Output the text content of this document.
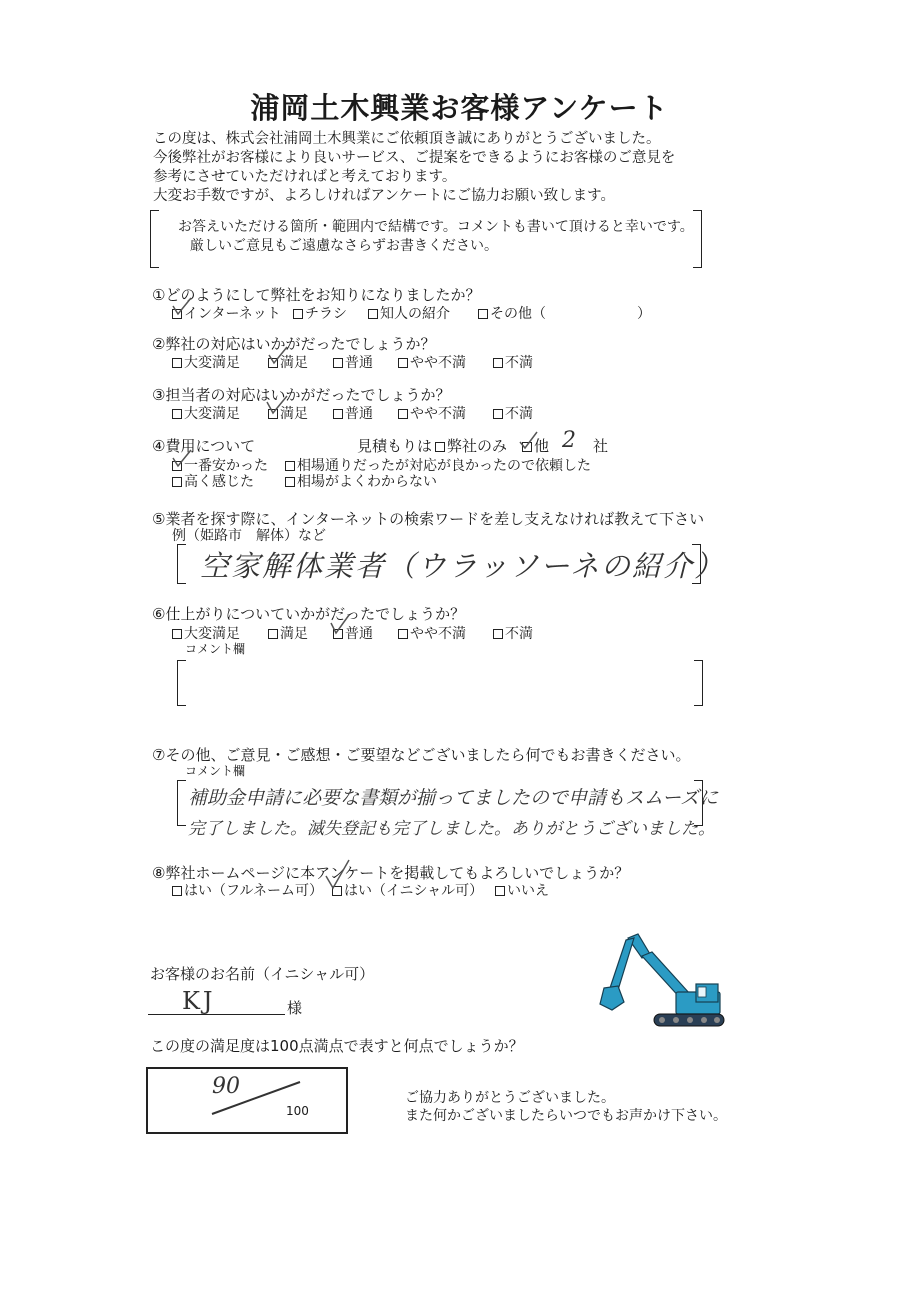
浦岡土木興業お客様アンケート
この度は、株式会社浦岡土木興業にご依頼頂き誠にありがとうございました。
今後弊社がお客様により良いサービス、ご提案をできるようにお客様のご意見を
参考にさせていただければと考えております。
大変お手数ですが、よろしければアンケートにご協力お願い致します。
お答えいただける箇所・範囲内で結構です。コメントも書いて頂けると幸いです。
厳しいご意見もご遠慮なさらずお書きください。
①どのようにして弊社をお知りになりましたか？
インターネット	チラシ	知人の紹介	その他（	）
②弊社の対応はいかがだったでしょうか？
大変満足	満足	普通	やや不満	不満
③担当者の対応はいかがだったでしょうか？
大変満足	満足	普通	やや不満	不満
④費用について	見積もりは 弊社のみ	他 2 社
一番安かった	相場通りだったが対応が良かったので依頼した
高く感じた	相場がよくわからない
⑤業者を探す際に、インターネットの検索ワードを差し支えなければ教えて下さい
例（姫路市　解体）など
空家解体業者（ウラッソーネの紹介）
⑥仕上がりについていかがだったでしょうか？
大変満足	満足	普通	やや不満	不満
コメント欄
⑦その他、ご意見・ご感想・ご要望などございましたら何でもお書きください。
コメント欄
補助金申請に必要な書類が揃ってましたので申請もスムーズに
完了しました。滅失登記も完了しました。ありがとうございました。
⑧弊社ホームページに本アンケートを掲載してもよろしいでしょうか？
はい（フルネーム可）	はい（イニシャル可）	いいえ
お客様のお名前（イニシャル可）
KJ	様
この度の満足度は100点満点で表すと何点でしょうか？
90
100
ご協力ありがとうございました。
また何かございましたらいつでもお声かけ下さい。
